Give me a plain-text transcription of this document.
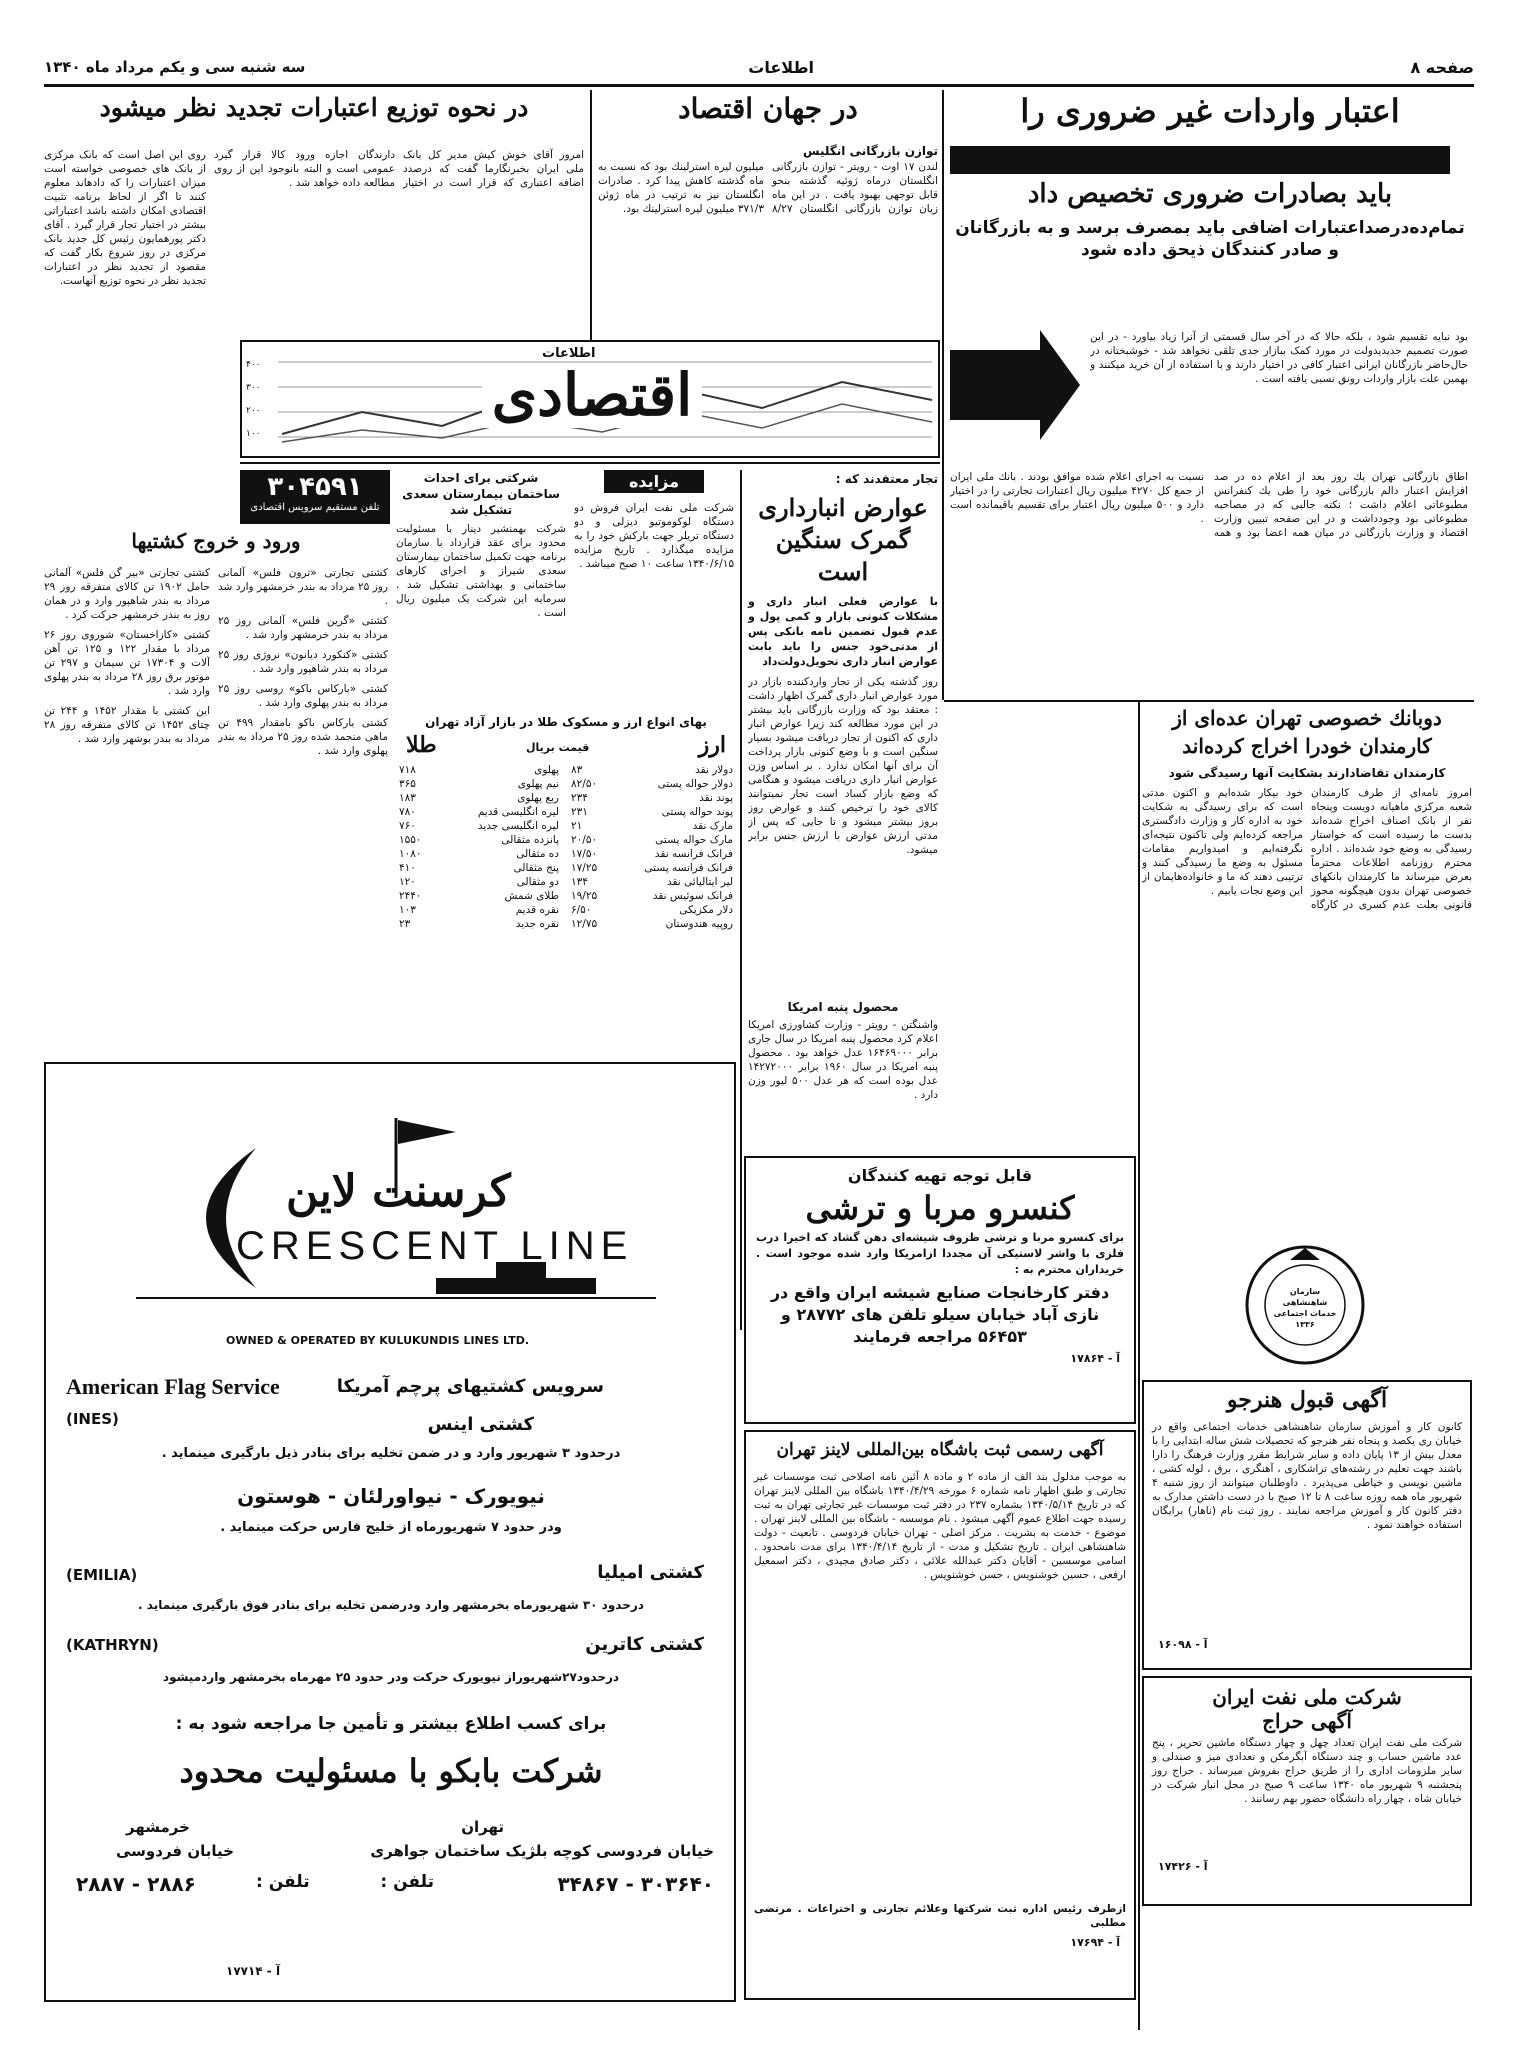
صفحه ۸
اطلاعات
سه شنبه سی و یکم مرداد ماه ۱۳۴۰
اعتبار واردات غیر ضروری را
باید بصادرات ضروری تخصیص داد
تمام‌ده‌درصداعتبارات اضافی باید بمصرف برسد و به بازرگانان و صادر کنندگان ذیحق داده شود
بود نبایه تقسیم شود ، بلکه حالا که در آخر سال قسمتی از آنرا زیاد بیاورد - در این صورت تصمیم جدیدیدولت در مورد کمک ببازار جدی تلقی نخواهد شد - خوشبختانه در حال‌حاضر بازرگانان ایرانی اعتبار کافی در اختیار دارند و با استفاده از آن خرید میکنند و بهمین علت بازار واردات رونق نسبی یافته است .
اطاق بازرگانی تهران یك روز بعد از اعلام ده در صد افزایش اعتبار دالم بازرگانی خود را طی یك کنفرانس مطبوعاتی اعلام داشت ؛ نکته جالبی که در مصاحبه مطبوعاتی بود وجودداشت و در این صفحه تبیین وزارت اقتصاد و وزارت بازرگانی در میان همه اعضا بود و همه نسبت به اجرای اعلام شده موافق بودند . بانك ملی ایران از جمع کل ۴۲۷۰ میلیون ریال اعتبارات تجارتی را در اختیار دارد و ۵۰۰ میلیون ریال اعتبار برای تقسیم باقیمانده است .
در جهان اقتصاد
توازن بازرگانی انگلیس
لندن ۱۷ اوت - رویتر - توازن بازرگانی انگلستان درماه ژوئیه گذشته بنحو قابل توجهی بهبود یافت . در این ماه زیان توازن بازرگانی انگلستان ۸/۲۷ میلیون لیره استرلینك بود که نسبت به ماه گذشته کاهش پیدا کرد . صادرات انگلستان نیز به ترتیب در ماه ژوئن ۳۷۱/۳ میلیون لیره استرلینك بود.
در نحوه توزیع اعتبارات تجدید نظر میشود
امروز آقای خوش کیش مدیر کل بانک ملی ایران بخبرنگارما گفت که درصدد اضافه اعتباری که قرار است در اختیار دارندگان اجازه ورود کالا قرار گیرد عمومی است و البته بانوجود این از روی مطالعه داده خواهد شد .
روی این اصل است که بانک مرکزی از بانک های خصوصی خواسته است میزان اعتبارات را که دادهاند معلوم کنند تا اگر از لحاظ برنامه تثبیت اقتصادی امکان داشته باشد اعتباراتی بیشتر در اختیار تجار قرار گیرد . آقای دکتر پورهمایون رئیس کل جدید بانک مرکزی در روز شروع بکار گفت که مقصود از تجدید نظر در اعتبارات تجدید نظر در نحوه توزیع آنهاست.
۴۰۰
۳۰۰
۲۰۰
۱۰۰
اطلاعات
اقتصادی
۳۰۴۵۹۱
تلفن مستقیم سرویس اقتصادی
ورود و خروج کشتیها
کشتی تجارتی «ترون فلس» آلمانی روز ۲۵ مرداد به بندر خرمشهر وارد شد .
کشتی «گرین فلس» آلمانی روز ۲۵ مرداد به بندر خرمشهر وارد شد .
کشتی «کنکورد دیانون» نروژی روز ۲۵ مرداد به بندر شاهپور وارد شد .
کشتی «بارکاس باکو» روسی روز ۲۵ مرداد به بندر پهلوی وارد شد .
کشتی بارکاس باکو بامقدار ۴۹۹ تن ماهی منجمد شده روز ۲۵ مرداد به بندر پهلوی وارد شد .
کشتی تجارتی «بیر گن فلس» آلمانی حامل ۱۹۰۲ تن کالای متفرقه روز ۲۹ مرداد به بندر شاهپور وارد و در همان روز به بندر خرمشهر حرکت کرد .
کشتی «کازاخستان» شوروی روز ۲۶ مرداد با مقدار ۱۲۲ و ۱۲۵ تن آهن آلات و ۱۷۳۰۴ تن سیمان و ۲۹۷ تن موتور برق روز ۲۸ مرداد به بندر پهلوی وارد شد .
این کشتی با مقدار ۱۴۵۲ و ۲۴۴ تن چتای ۱۴۵۲ تن کالای متفرقه روز ۲۸ مرداد به بندر بوشهر وارد شد .
شرکتی برای احداث ساختمان بیمارستان سعدی تشکیل شد
شرکت بهمنشیر دینار با مسئولیت محدود برای عقد قرارداد با سازمان برنامه جهت تکمیل ساختمان بیمارستان سعدی شیراز و اجرای کارهای ساختمانی و بهداشتی تشکیل شد . سرمایه این شرکت یک میلیون ریال است .
مزایده
شرکت ملی نفت ایران فروش دو دستگاه لوکوموتیو دیزلی و دو دستگاه تریلر جهت بارکش خود را به مزایده میگذارد . تاریخ مزایده ۱۳۴۰/۶/۱۵ ساعت ۱۰ صبح میباشد .
بهای انواع ارز و مسکوک طلا در بازار آزاد تهران
ارز
طلا	قیمت بریال
دولار نقد	۸۳
دولار حواله پستی	۸۲/۵۰
پوند نقد	۲۳۴
پوند حواله پستی	۲۳۱
مارک نقد	۲۱
مارک حواله پستی	۲۰/۵۰
فرانک فرانسه نقد	۱۷/۵۰
فرانک فرانسه پستی	۱۷/۲۵
لیر ایتالیائی نقد	۱۳۴
فرانک سوئیس نقد	۱۹/۲۵
دلار مکزیکی	۶/۵۰
روپیه هندوستان	۱۲/۷۵
پهلوی	۷۱۸
نیم پهلوی	۳۶۵
ربع پهلوی	۱۸۳
لیره انگلیسی قدیم	۷۸۰
لیره انگلیسی جدید	۷۶۰
پانزده مثقالی	۱۵۵۰
ده مثقالی	۱۰۸۰
پنج مثقالی	۴۱۰
دو مثقالی	۱۲۰
طلای شمش	۲۴۴۰
نقره قدیم	۱۰۳
نقره جدید	۲۳
تجار معتقدند که :
عوارض انبارداری گمرک سنگین است
با عوارض فعلی انبار داری و مشکلات کنونی بازار و کمی پول و عدم قبول تضمین نامه بانکی پس از مدتی‌خود جنس را باید بابت عوارض انبار داری تحویل‌دولت‌داد
روز گذشته یکی از تجار واردکننده بازار در مورد عوارض انبار داری گمرک اظهار داشت : معتقد بود که وزارت بازرگانی باید بیشتر در این مورد مطالعه کند زیرا عوارض انبار داری که اکنون از تجار دریافت میشود بسیار سنگین است و با وضع کنونی بازار پرداخت آن برای آنها امکان ندارد . بر اساس وزن عوارض انبار داری دریافت میشود و هنگامی که وضع بازار کساد است تجار نمیتوانند کالای خود را ترخیص کنند و عوارض روز بروز بیشتر میشود و تا جایی که پس از مدتی ارزش عوارض با ارزش جنس برابر میشود.
محصول پنبه امریکا
واشنگتن - رویتر - وزارت کشاورزی امریکا اعلام کرد محصول پنبه امریکا در سال جاری برابر ۱۶۴۶۹۰۰۰ عدل خواهد بود . محصول پنبه امریکا در سال ۱۹۶۰ برابر ۱۴۲۷۲۰۰۰ عدل بوده است که هر عدل ۵۰۰ لیور وزن دارد .
دوبانك خصوصی تهران عده‌ای از کارمندان خودرا اخراج کرده‌اند
کارمندان تقاضادارند بشکایت آنها رسیدگی شود
امروز نامه‌ای از طرف کارمندان شعبه مرکزی ماهیانه دویست وپنجاه نفر از بانک اصناف اخراج شده‌اند بدست ما رسیده است که خواستار رسیدگی به وضع خود شده‌اند . اداره محترم روزنامه اطلاعات محترماً بعرض میرساند ما کارمندان بانکهای خصوصی تهران بدون هیچگونه مجوز قانونی بعلت عدم کسری در کارگاه خود بیکار شده‌ایم و اکنون مدتی است که برای رسیدگی به شکایت خود به اداره کار و وزارت دادگستری مراجعه کرده‌ایم ولی تاکنون نتیجه‌ای نگرفته‌ایم و امیدواریم مقامات مسئول به وضع ما رسیدگی کنند و ترتیبی دهند که ما و خانواده‌هایمان از این وضع نجات یابیم .
کرسنت لاین
CRESCENT LINE
OWNED & OPERATED BY KULUKUNDIS LINES LTD.
American Flag Service	سرویس کشتیهای پرچم آمریکا
(INES)	کشتی اینس
درحدود ۳ شهریور وارد و در ضمن تخلیه برای بنادر ذیل بارگیری مینماید .
نیویورک - نیواورلئان - هوستون
ودر حدود ۷ شهریورماه از خلیج فارس حرکت مینماید .
(EMILIA)	کشتی امیلیا
درحدود ۳۰ شهریورماه بخرمشهر وارد ودرضمن تخلیه برای بنادر فوق بارگیری مینماید .
(KATHRYN)	کشتی کاترین
درحدود۲۷شهریوراز نیویورک حرکت ودر حدود ۲۵ مهرماه بخرمشهر واردمیشود
برای کسب اطلاع بیشتر و تأمین جا مراجعه شود به :
شرکت بابکو با مسئولیت محدود
تهران
خیابان فردوسی کوچه بلژیک ساختمان جواهری
تلفن :	۳۰۳۶۴۰ - ۳۴۸۶۷
خرمشهر
خیابان فردوسی
تلفن :
۲۸۸۶ - ۲۸۸۷
آ - ۱۷۷۱۴
قابل توجه تهیه کنندگان
کنسرو مربا و ترشی
برای کنسرو مربا و ترشی ظروف شیشه‌ای دهن گشاد که اخیرا درب فلزی با واشر لاستیکی آن مجددا ازامریکا وارد شده موجود است . خریداران محترم به :
دفتر کارخانجات صنایع شیشه ایران واقع در نازی آباد خیابان سیلو تلفن های ۲۸۷۷۲ و ۵۶۴۵۳ مراجعه فرمایند
آ - ۱۷۸۶۴
آگهی رسمی ثبت باشگاه بین‌المللی لاینز تهران
به موجب مدلول بند الف از ماده ۲ و ماده ۸ آئین نامه اصلاحی ثبت موسسات غیر تجارتی و طبق اظهار نامه شماره ۶ مورخه ۱۳۴۰/۴/۲۹ باشگاه بین المللی لاینز تهران که در تاریخ ۱۳۴۰/۵/۱۴ بشماره ۲۳۷ در دفتر ثبت موسسات غیر تجارتی تهران به ثبت رسیده جهت اطلاع عموم آگهی میشود . نام موسسه - باشگاه بین المللی لاینز تهران . موضوع - خدمت به بشریت . مرکز اصلی - تهران خیابان فردوسی . تابعیت - دولت شاهنشاهی ایران . تاریخ تشکیل و مدت - از تاریخ ۱۳۴۰/۴/۱۴ برای مدت نامحدود . اسامی موسسین - آقایان دکتر عبدالله علائی ، دکتر صادق مجیدی ، دکتر اسمعیل ارفعی ، حسین خوشنویس ، حسن خوشنویس .
ازطرف رئیس اداره ثبت شرکتها وعلائم تجارتی و اختراعات . مرتضی مطلبی
آ - ۱۷۶۹۴
سازمان شاهنشاهی خدمات اجتماعی ۱۳۳۶
آگهی قبول هنرجو
کانون کار و آموزش سازمان شاهنشاهی خدمات اجتماعی واقع در خیابان ری یکصد و پنجاه نفر هنرجو که تحصیلات شش ساله ابتدایی را با معدل بیش از ۱۳ پایان داده و سایر شرایط مقرر وزارت فرهنگ را دارا باشند جهت تعلیم در رشته‌های تراشکاری ، آهنگری ، برق ، لوله کشی ، ماشین نویسی و خیاطی می‌پذیرد . داوطلبان میتوانند از روز شنبه ۴ شهریور ماه همه روزه ساعت ۸ تا ۱۲ صبح با در دست داشتن مدارک به دفتر کانون کار و آموزش مراجعه نمایند . روز ثبت نام (ناهار) برایگان استفاده خواهند نمود .
آ - ۱۶۰۹۸
شرکت ملی نفت ایران
آگهی حراج
شرکت ملی نفت ایران تعداد چهل و چهار دستگاه ماشین تحریر ، پنج عدد ماشین حساب و چند دستگاه آبگرمکن و تعدادی میز و صندلی و سایر ملزومات اداری را از طریق حراج بفروش میرساند . حراج روز پنجشنبه ۹ شهریور ماه ۱۳۴۰ ساعت ۹ صبح در محل انبار شرکت در خیابان شاه ، چهار راه دانشگاه حضور بهم رسانند .
آ - ۱۷۴۲۶
